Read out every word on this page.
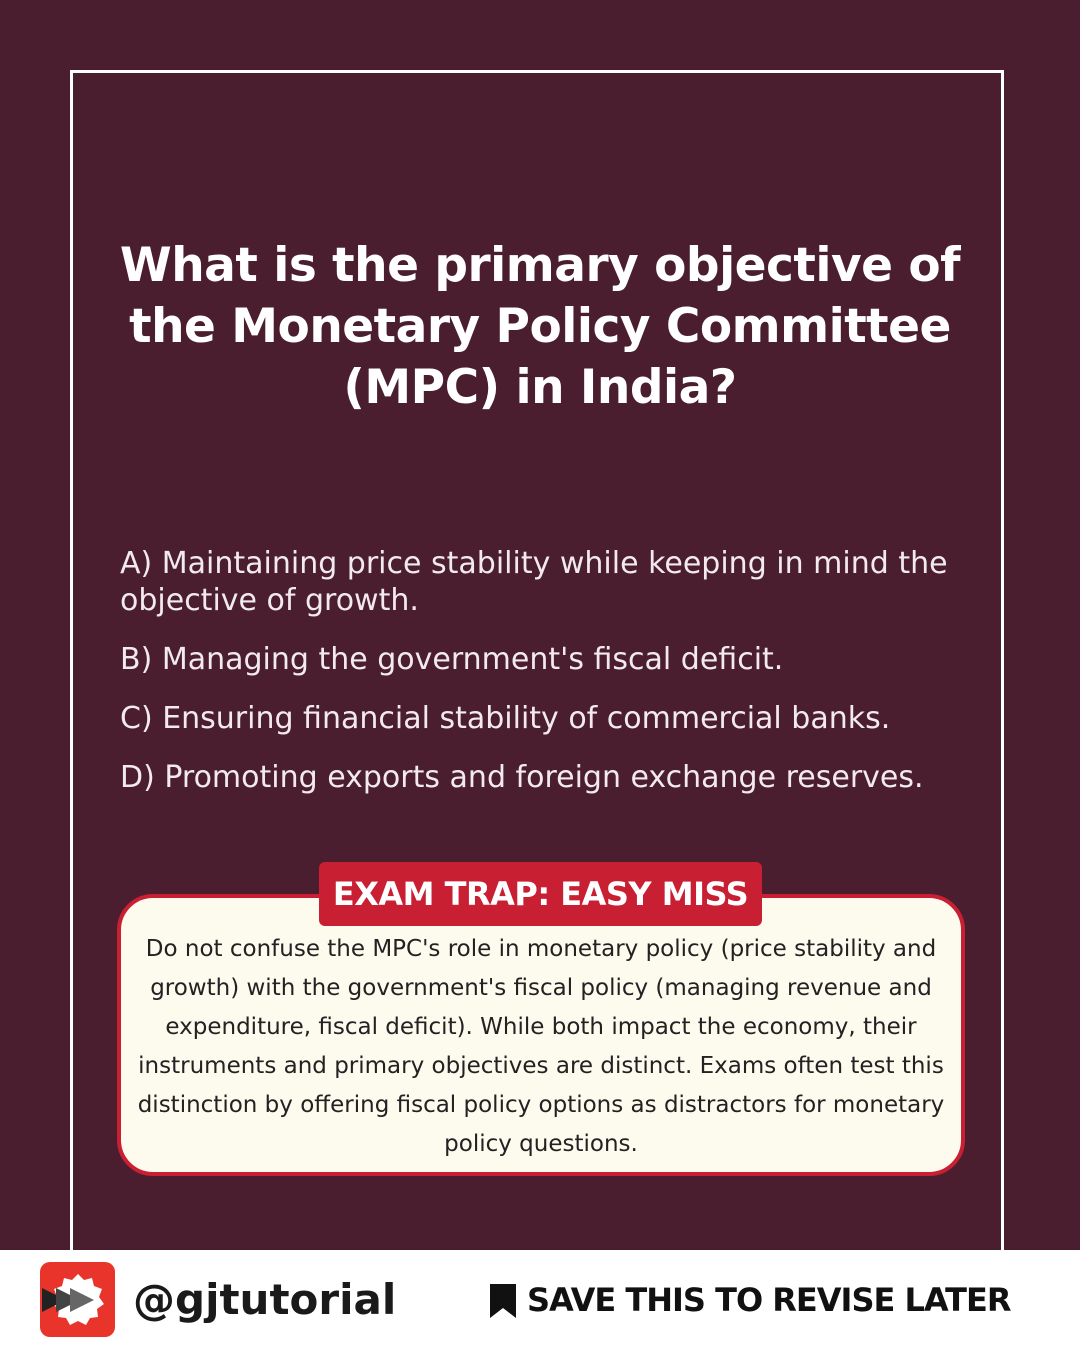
What is the primary objective of the Monetary Policy Committee (MPC) in India?

A) Maintaining price stability while keeping in mind the objective of growth.

B) Managing the government's fiscal deficit.

C) Ensuring financial stability of commercial banks.

D) Promoting exports and foreign exchange reserves.

EXAM TRAP: EASY MISS

Do not confuse the MPC's role in monetary policy (price stability and growth) with the government's fiscal policy (managing revenue and expenditure, fiscal deficit). While both impact the economy, their instruments and primary objectives are distinct. Exams often test this distinction by offering fiscal policy options as distractors for monetary policy questions.

@gjtutorial	SAVE THIS TO REVISE LATER
